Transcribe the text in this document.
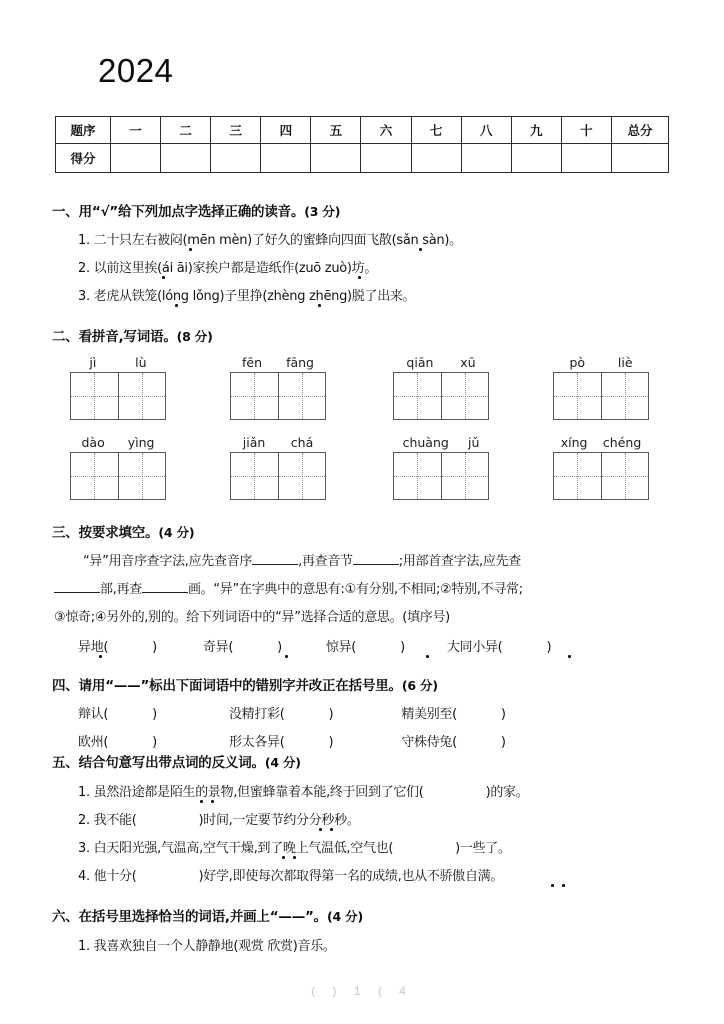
2024
题序	一	二	三	四	五	六	七	八	九	十	总分
得分											
一、用“√”给下列加点字选择正确的读音。(3 分)
1. 二十只左右被闷(mēn mèn)了好久的蜜蜂向四面飞散(sǎn sàn)。
2. 以前这里挨(ái āi)家挨户都是造纸作(zuō zuò)坊。
3. 老虎从铁笼(lóng lǒng)子里挣(zhèng zhēng)脱了出来。
二、看拼音,写词语。(8 分)
jì	lù	fēn fāng	qiān xū	pò	liè
dào yìng	jiǎn chá	chuàng jǔ	xíng chéng
三、按要求填空。(4 分)
“异”用音序查字法,应先查音序	,再查音节	;用部首查字法,应先查
部,再查	画。“异”在字典中的意思有:①有分别,不相同;②特别,不寻常;
③惊奇;④另外的,别的。给下列词语中的“异”选择合适的意思。(填序号)
异地(	)	奇异(	)	惊异(	)	大同小异(	)
四、请用“——”标出下面词语中的错别字并改正在括号里。(6 分)
辩认(	)	没精打彩(	)	精美别至(	)
欧州(	)	形太各异(	)	守株侍兔(	)
五、结合句意写出带点词的反义词。(4 分)
1. 虽然沿途都是陌生的景物,但蜜蜂靠着本能,终于回到了它们(	)的家。
2. 我不能(	)时间,一定要节约分分秒秒。
3. 白天阳光强,气温高,空气干燥,到了晚上气温低,空气也(	)一些了。
4. 他十分(	)好学,即使每次都取得第一名的成绩,也从不骄傲自满。
六、在括号里选择恰当的词语,并画上“——”。(4 分)
1. 我喜欢独自一个人静静地(观赏 欣赏)音乐。
( ) 1 ( 4
